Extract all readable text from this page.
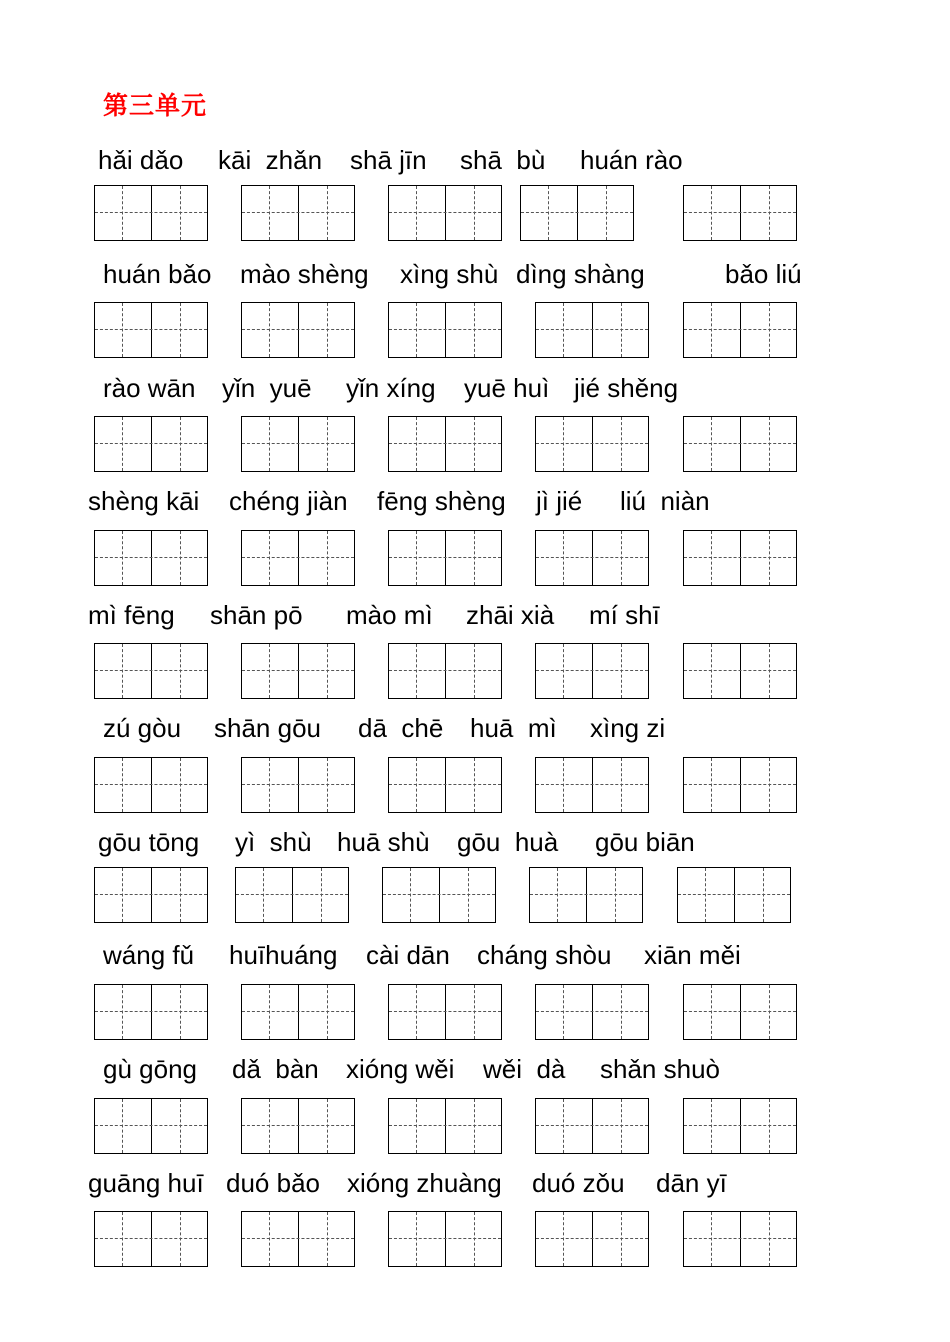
第三单元
hǎi dǎo kāi  zhǎn shā jīn shā  bù huán rào
huán bǎo mào shèng xìng shù dìng shàng	bǎo liú
rào wān yǐn  yuē yǐn xíng yuē huì jié shěng
shèng kāi chéng jiàn fēng shèng jì jié liú  niàn
mì fēng shān pō mào mì zhāi xià mí shī
zú gòu shān gōu dā  chē huā  mì xìng zi
gōu tōng yì  shù huā shù gōu  huà gōu biān
wáng fǔ huīhuáng cài dān cháng shòu xiān měi
gù gōng dǎ  bàn xióng wěi wěi  dà shǎn shuò
guāng huī duó bǎo xióng zhuàng duó zǒu dān yī
